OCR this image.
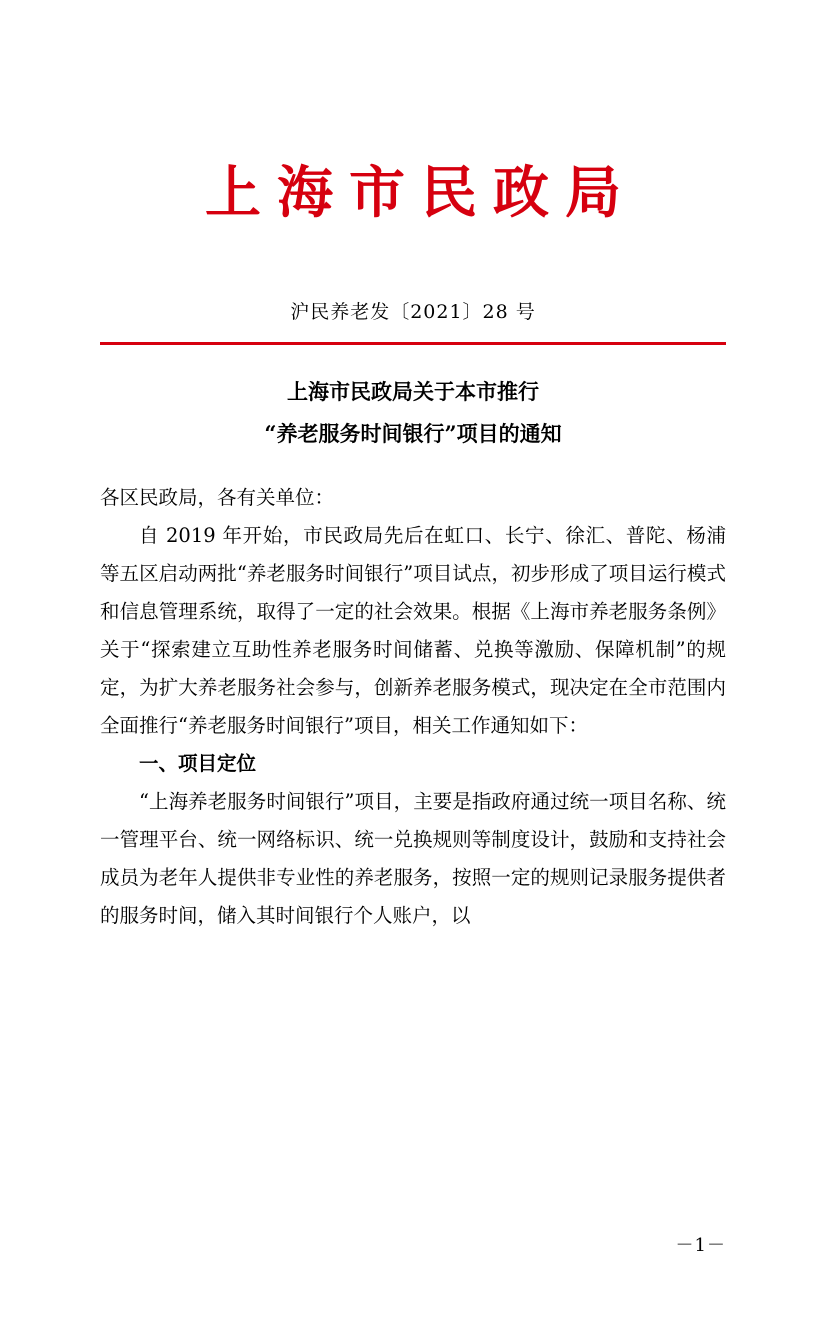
上海市民政局
沪民养老发〔2021〕28 号
上海市民政局关于本市推行
“养老服务时间银行”项目的通知

各区民政局，各有关单位：

自 2019 年开始，市民政局先后在虹口、长宁、徐汇、普陀、杨浦等五区启动两批“养老服务时间银行”项目试点，初步形成了项目运行模式和信息管理系统，取得了一定的社会效果。根据《上海市养老服务条例》关于“探索建立互助性养老服务时间储蓄、兑换等激励、保障机制”的规定，为扩大养老服务社会参与，创新养老服务模式，现决定在全市范围内全面推行“养老服务时间银行”项目，相关工作通知如下：

一、项目定位

“上海养老服务时间银行”项目，主要是指政府通过统一项目名称、统一管理平台、统一网络标识、统一兑换规则等制度设计，鼓励和支持社会成员为老年人提供非专业性的养老服务，按照一定的规则记录服务提供者的服务时间，储入其时间银行个人账户，以

－1－
